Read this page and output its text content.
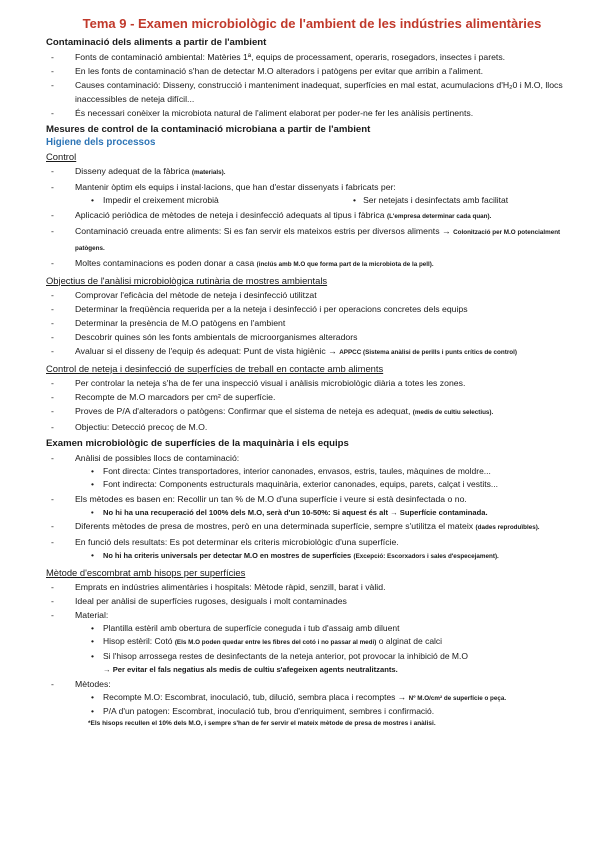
Tema 9 - Examen microbiològic de l'ambient de les indústries alimentàries
Contaminació dels aliments a partir de l'ambient
- Fonts de contaminació ambiental: Matèries 1ª, equips de processament, operaris, rosegadors, insectes i parets.
- En les fonts de contaminació s'han de detectar M.O alteradors i patògens per evitar que arribin a l'aliment.
- Causes contaminació: Disseny, construcció i manteniment inadequat, superfícies en mal estat, acumulacions d'H₂0 i M.O, llocs inaccessibles de neteja difícil...
- És necessari conèixer la microbiota natural de l'aliment elaborat per poder-ne fer les anàlisis pertinents.
Mesures de control de la contaminació microbiana a partir de l'ambient
Higiene dels processos
Control
- Disseny adequat de la fàbrica (materials).
- Mantenir òptim els equips i instal·lacions, que han d'estar dissenyats i fabricats per:
• Impedir el creixement microbià	•   Ser netejats i desinfectats amb facilitat
- Aplicació periòdica de mètodes de neteja i desinfecció adequats al tipus i fàbrica (L'empresa determinar cada quan).
- Contaminació creuada entre aliments: Si es fan servir els mateixos estris per diversos aliments → Colonització per M.O potencialment patògens.
- Moltes contaminacions es poden donar a casa (inclús amb M.O que forma part de la microbiota de la pell).
Objectius de l'anàlisi microbiològica rutinària de mostres ambientals
- Comprovar l'eficàcia del mètode de neteja i desinfecció utilitzat
- Determinar la freqüència requerida per a la neteja i desinfecció i per operacions concretes dels equips
- Determinar la presència de M.O patògens en l'ambient
- Descobrir quines són les fonts ambientals de microorganismes alteradors
- Avaluar si el disseny de l'equip és adequat: Punt de vista higiènic → APPCC (Sistema anàlisi de perills i punts crítics de control)
Control de neteja i desinfecció de superfícies de treball en contacte amb aliments
- Per controlar la neteja s'ha de fer una inspecció visual i anàlisis microbiològic diària a totes les zones.
- Recompte de M.O marcadors per cm² de superfície.
- Proves de P/A d'alteradors o patògens: Confirmar que el sistema de neteja es adequat, (medis de cultiu selectius).
- Objectiu: Detecció precoç de M.O.
Examen microbiològic de superfícies de la maquinària i els equips
- Anàlisi de possibles llocs de contaminació:
• Font directa: Cintes transportadores, interior canonades, envasos, estris, taules, màquines de moldre...
• Font indirecta: Components estructurals maquinària, exterior canonades, equips, parets, calçat i vestits...
- Els mètodes es basen en: Recollir un tan % de M.O d'una superfície i veure si està desinfectada o no.
• No hi ha una recuperació del 100% dels M.O, serà d'un 10-50%: Si aquest és alt → Superfície contaminada.
- Diferents mètodes de presa de mostres, però en una determinada superfície, sempre s'utilitza el mateix (dades reproduïbles).
- En funció dels resultats: Es pot determinar els criteris microbiològic d'una superfície.
• No hi ha criteris universals per detectar M.O en mostres de superfícies (Excepció: Escorxadors i sales d'especejament).
Mètode d'escombrat amb hisops per superfícies
- Emprats en indústries alimentàries i hospitals: Mètode ràpid, senzill, barat i vàlid.
- Ideal per anàlisi de superfícies rugoses, desiguals i molt contaminades
- Material:
• Plantilla estèril amb obertura de superfície coneguda i tub d'assaig amb diluent
• Hisop estèril: Cotó (Els M.O poden quedar entre les fibres del cotó i no passar al medi) o alginat de calci
• Si l'hisop arrossega restes de desinfectants de la neteja anterior, pot provocar la inhibició de M.O
→ Per evitar el fals negatius als medis de cultiu s'afegeixen agents neutralitzants.
- Mètodes:
• Recompte M.O: Escombrat, inoculació, tub, dilució, sembra placa i recomptes → Nº M.O/cm² de superfície o peça.
• P/A d'un patogen: Escombrat, inoculació tub, brou d'enriquiment, sembres i confirmació.
*Els hisops recullen el 10% dels M.O, i sempre s'han de fer servir el mateix mètode de presa de mostres i anàlisi.
